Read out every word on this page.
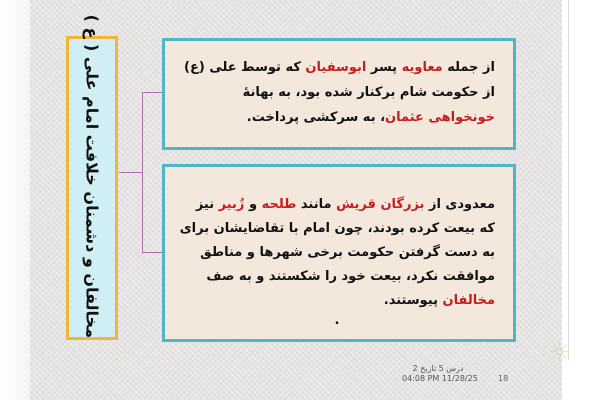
مخالفان و دشمنان خلافت امام علی ( ع )	از جمله معاویه پسر ابوسفیان که توسط علی (ع) از حکومت شام برکنار شده بود، به بهانهٔ خونخواهی عثمان، به سرکشی پرداخت.
معدودی از بزرگان قریش مانند طلحه و زُبیر نیز که بیعت کرده بودند، چون امام با تقاضایشان برای به دست گرفتن حکومت برخی شهرها و مناطق موافقت نکرد، بیعت خود را شکستند و به صف مخالفان پیوستند.
.
درس 5 تاریخ 2
04:08 PM 11/28/25	18
☼
